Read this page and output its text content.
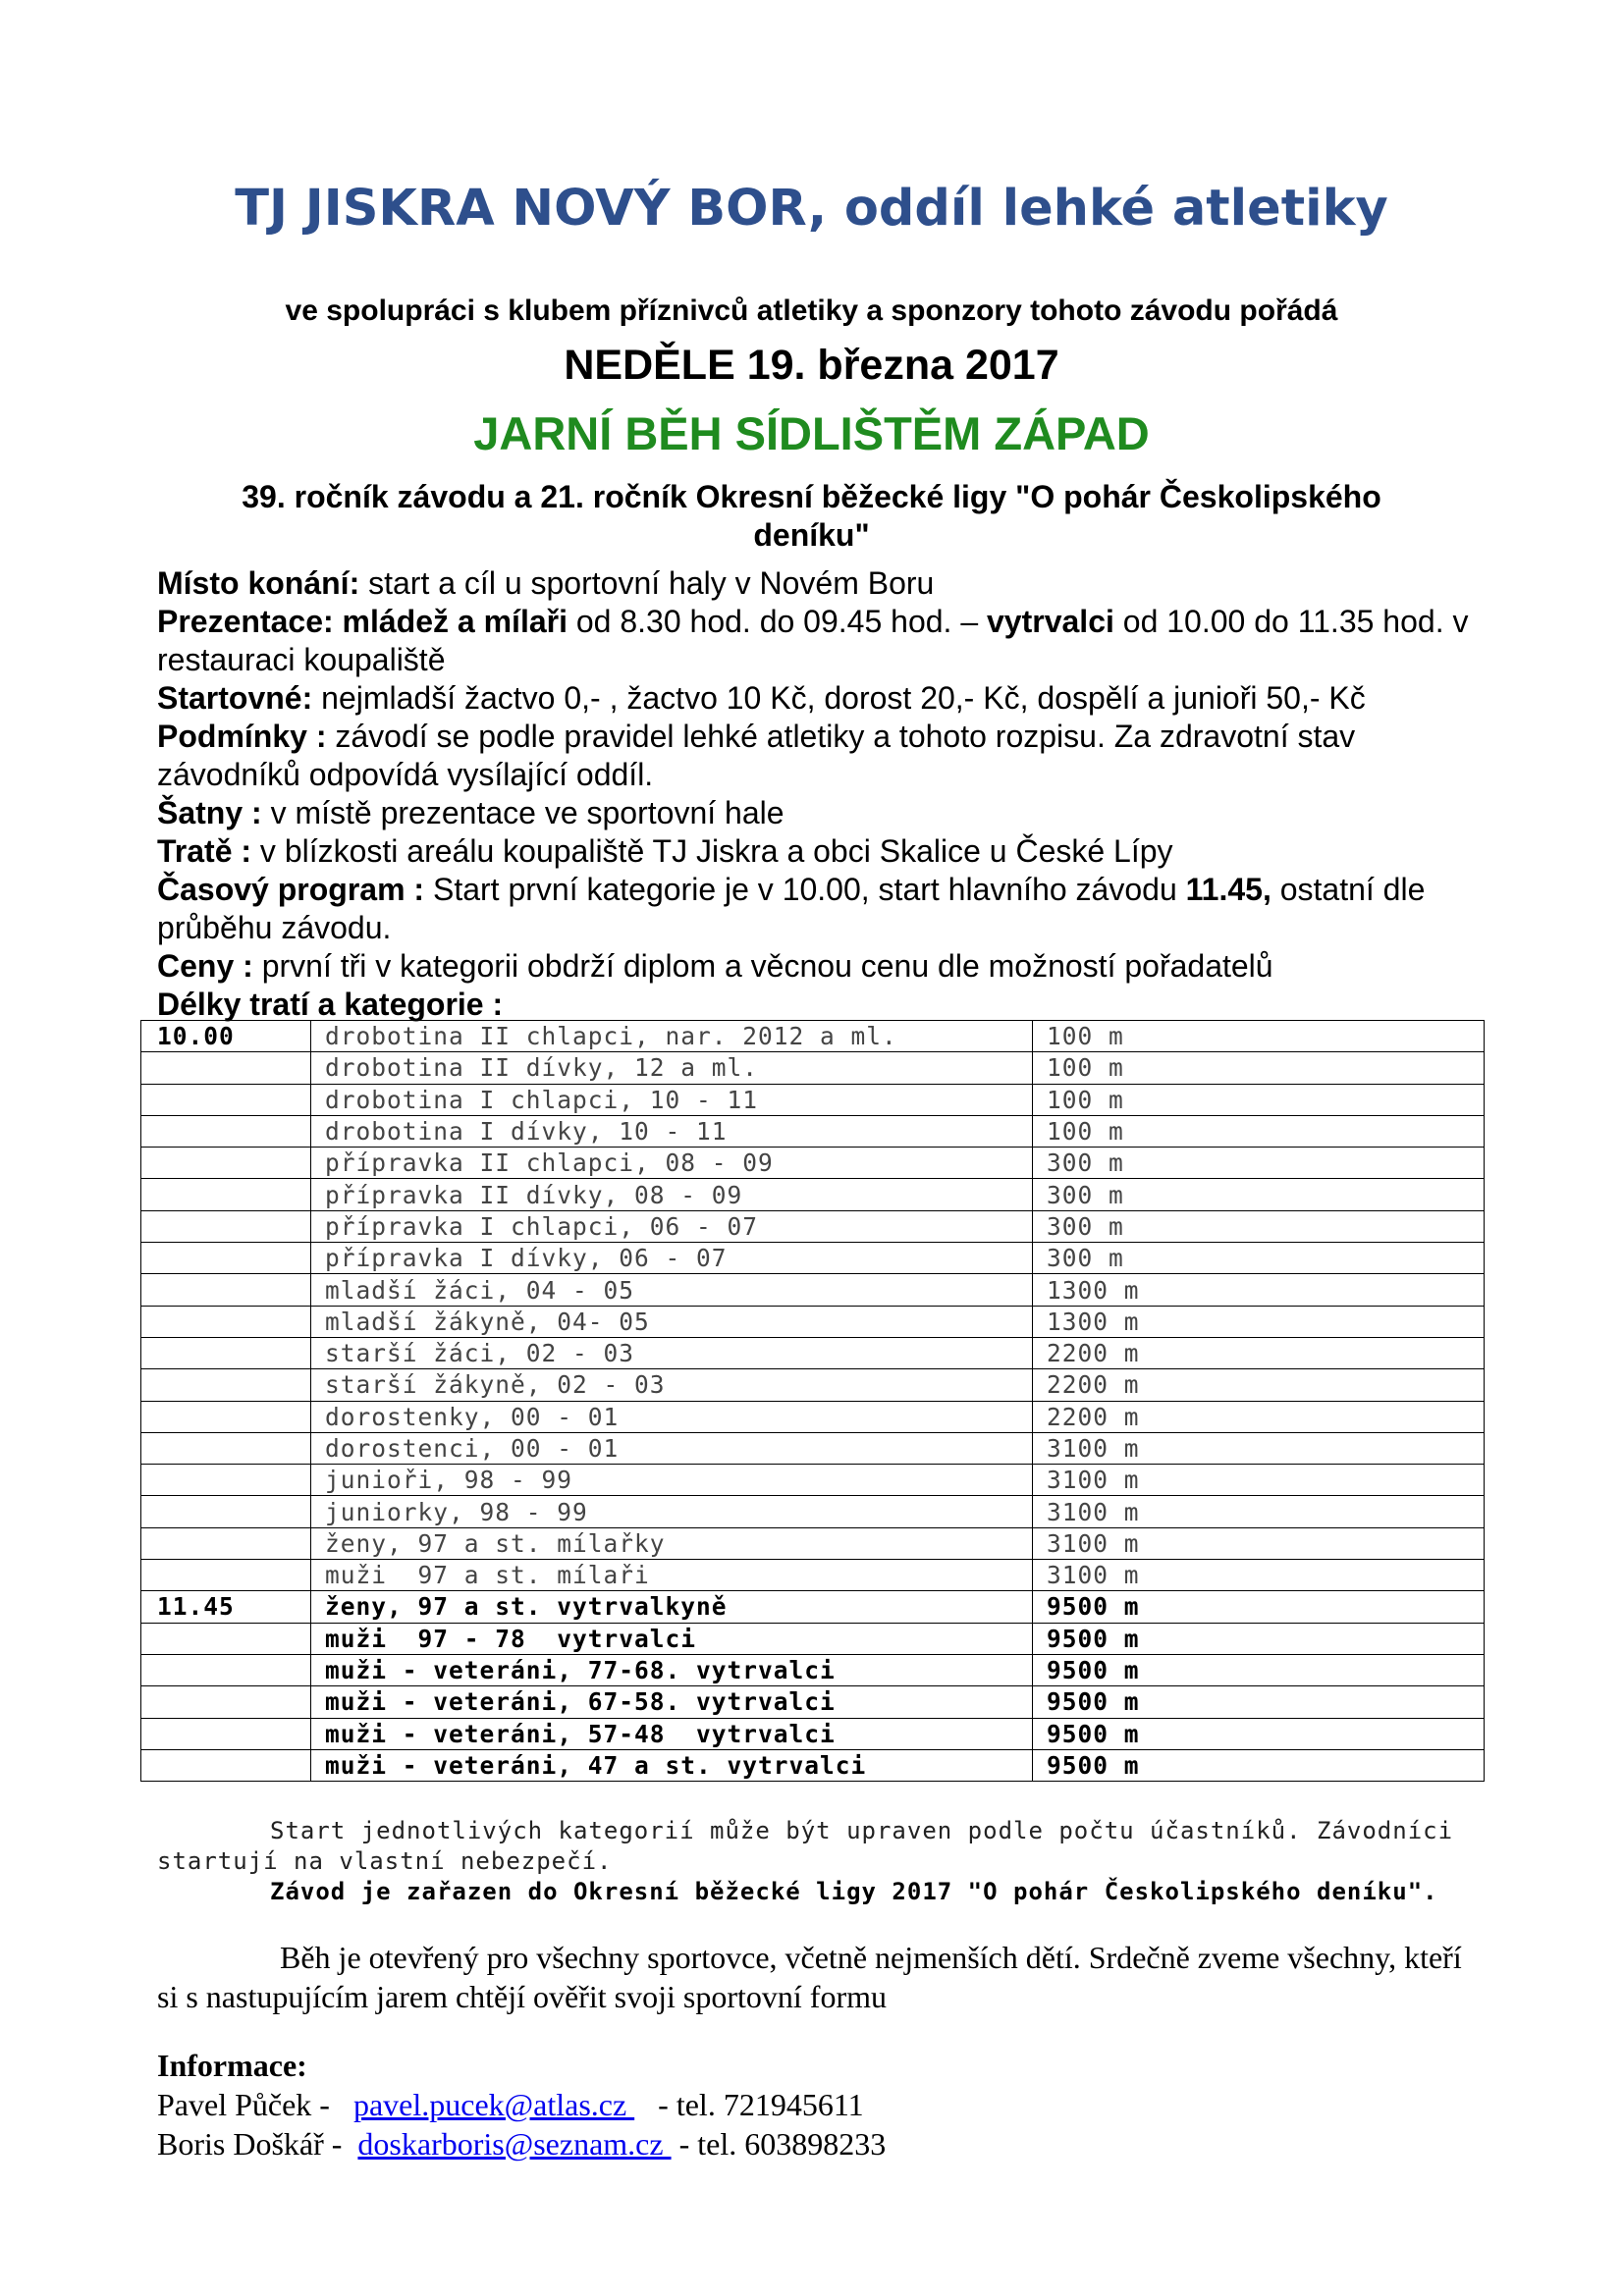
TJ JISKRA NOVÝ BOR, oddíl lehké atletiky
ve spolupráci s klubem příznivců atletiky a sponzory tohoto závodu pořádá
NEDĚLE 19. března 2017
JARNÍ BĚH SÍDLIŠTĚM ZÁPAD
39. ročník závodu a 21. ročník Okresní běžecké ligy "O pohár Českolipského deníku"

Místo konání: start a cíl u sportovní haly v Novém Boru

Prezentace: mládež a mílaři od 8.30 hod. do 09.45 hod. – vytrvalci od 10.00 do 11.35 hod. v restauraci koupaliště

Startovné: nejmladší žactvo 0,- , žactvo 10 Kč, dorost 20,- Kč, dospělí a junioři 50,- Kč

Podmínky : závodí se podle pravidel lehké atletiky a tohoto rozpisu. Za zdravotní stav závodníků odpovídá vysílající oddíl.

Šatny : v místě prezentace ve sportovní hale

Tratě : v blízkosti areálu koupaliště TJ Jiskra a obci Skalice u České Lípy

Časový program : Start první kategorie je v 10.00, start hlavního závodu 11.45, ostatní dle průběhu závodu.

Ceny : první tři v kategorii obdrží diplom a věcnou cenu dle možností pořadatelů

Délky tratí a kategorie :

10.00	drobotina II chlapci, nar. 2012 a ml.	100 m
	drobotina II dívky, 12 a ml.	100 m
	drobotina I chlapci, 10 - 11	100 m
	drobotina I dívky, 10 - 11	100 m
	přípravka II chlapci, 08 - 09	300 m
	přípravka II dívky, 08 - 09	300 m
	přípravka I chlapci, 06 - 07	300 m
	přípravka I dívky, 06 - 07	300 m
	mladší žáci, 04 - 05	1300 m
	mladší žákyně, 04- 05	1300 m
	starší žáci, 02 - 03	2200 m
	starší žákyně, 02 - 03	2200 m
	dorostenky, 00 - 01	2200 m
	dorostenci, 00 - 01	3100 m
	junioři, 98 - 99	3100 m
	juniorky, 98 - 99	3100 m
	ženy, 97 a st. mílařky	3100 m
	muži  97 a st. mílaři	3100 m
11.45	ženy, 97 a st. vytrvalkyně	9500 m
	muži  97 - 78  vytrvalci	9500 m
	muži - veteráni, 77-68. vytrvalci	9500 m
	muži - veteráni, 67-58. vytrvalci	9500 m
	muži - veteráni, 57-48  vytrvalci	9500 m
	muži - veteráni, 47 a st. vytrvalci	9500 m

Start jednotlivých kategorií může být upraven podle počtu účastníků. Závodníci startují na vlastní nebezpečí.

Závod je zařazen do Okresní běžecké ligy 2017 "O pohár Českolipského deníku".

Běh je otevřený pro všechny sportovce, včetně nejmenších dětí. Srdečně zveme všechny, kteří si s nastupujícím jarem chtějí ověřit svoji sportovní formu
Informace:
Pavel Půček -   pavel.pucek@atlas.cz    - tel. 721945611
Boris Doškář -  doskarboris@seznam.cz  - tel. 603898233
